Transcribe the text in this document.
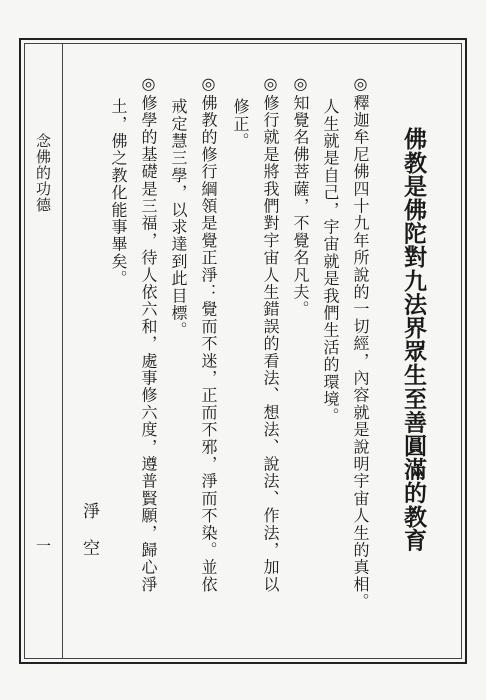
念佛的功德
一	佛教是佛陀對九法界眾生至善圓滿的教育
◎釋迦牟尼佛四十九年所說的一切經，內容就是說明宇宙人生的真相。
人生就是自己，宇宙就是我們生活的環境。
◎知覺名佛菩薩，不覺名凡夫。
◎修行就是將我們對宇宙人生錯誤的看法、想法、說法、作法，加以
修正。
◎佛教的修行綱領是覺正淨：覺而不迷，正而不邪，淨而不染。並依
戒定慧三學，以求達到此目標。
◎修學的基礎是三福，待人依六和，處事修六度，遵普賢願，歸心淨
土，佛之教化能事畢矣。
淨空
